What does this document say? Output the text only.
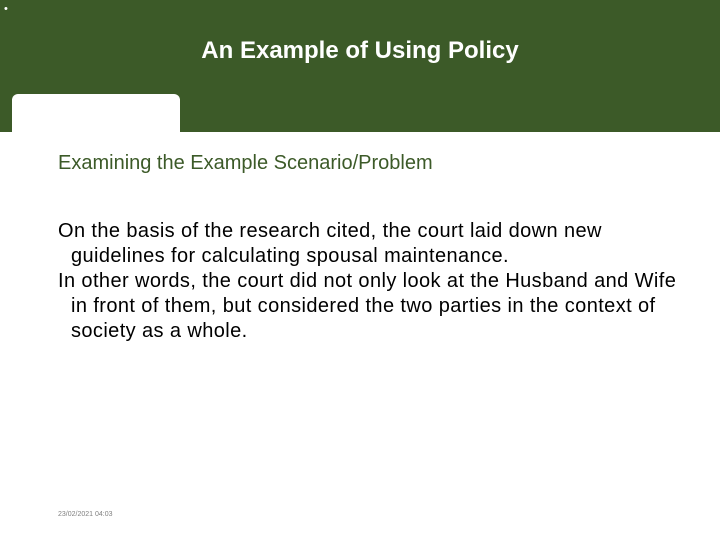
•
An Example of Using Policy
Examining the Example Scenario/Problem
On the basis of the research cited, the court laid down new guidelines for calculating spousal maintenance.
In other words, the court did not only look at the Husband and Wife in front of them, but considered the two parties in the context of society as a whole.
23/02/2021 04:03
